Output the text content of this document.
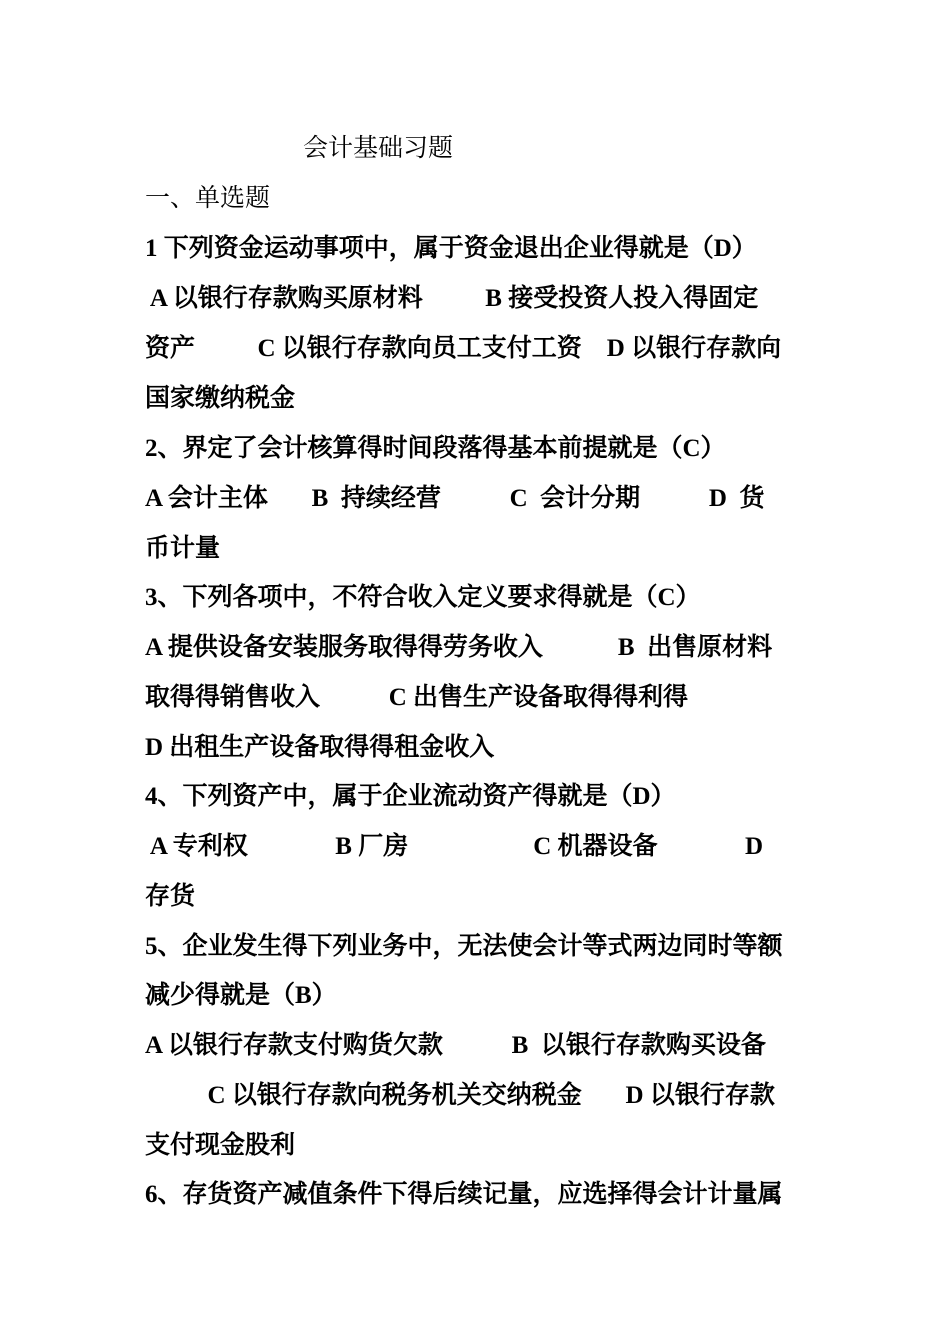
会计基础习题
一、单选题
1 下列资金运动事项中，属于资金退出企业得就是（D）
A 以银行存款购买原材料          B 接受投资人投入得固定
资产          C 以银行存款向员工支付工资    D 以银行存款向
国家缴纳税金
2、界定了会计核算得时间段落得基本前提就是（C）
A 会计主体       B  持续经营           C  会计分期           D  货
币计量
3、下列各项中，不符合收入定义要求得就是（C）
A 提供设备安装服务取得得劳务收入            B  出售原材料
取得得销售收入           C 出售生产设备取得得利得
D 出租生产设备取得得租金收入
4、下列资产中，属于企业流动资产得就是（D）
A 专利权              B 厂房                    C 机器设备              D
存货
5、企业发生得下列业务中，无法使会计等式两边同时等额
减少得就是（B）
A 以银行存款支付购货欠款           B  以银行存款购买设备
C 以银行存款向税务机关交纳税金       D 以银行存款
支付现金股利
6、存货资产减值条件下得后续记量，应选择得会计计量属
